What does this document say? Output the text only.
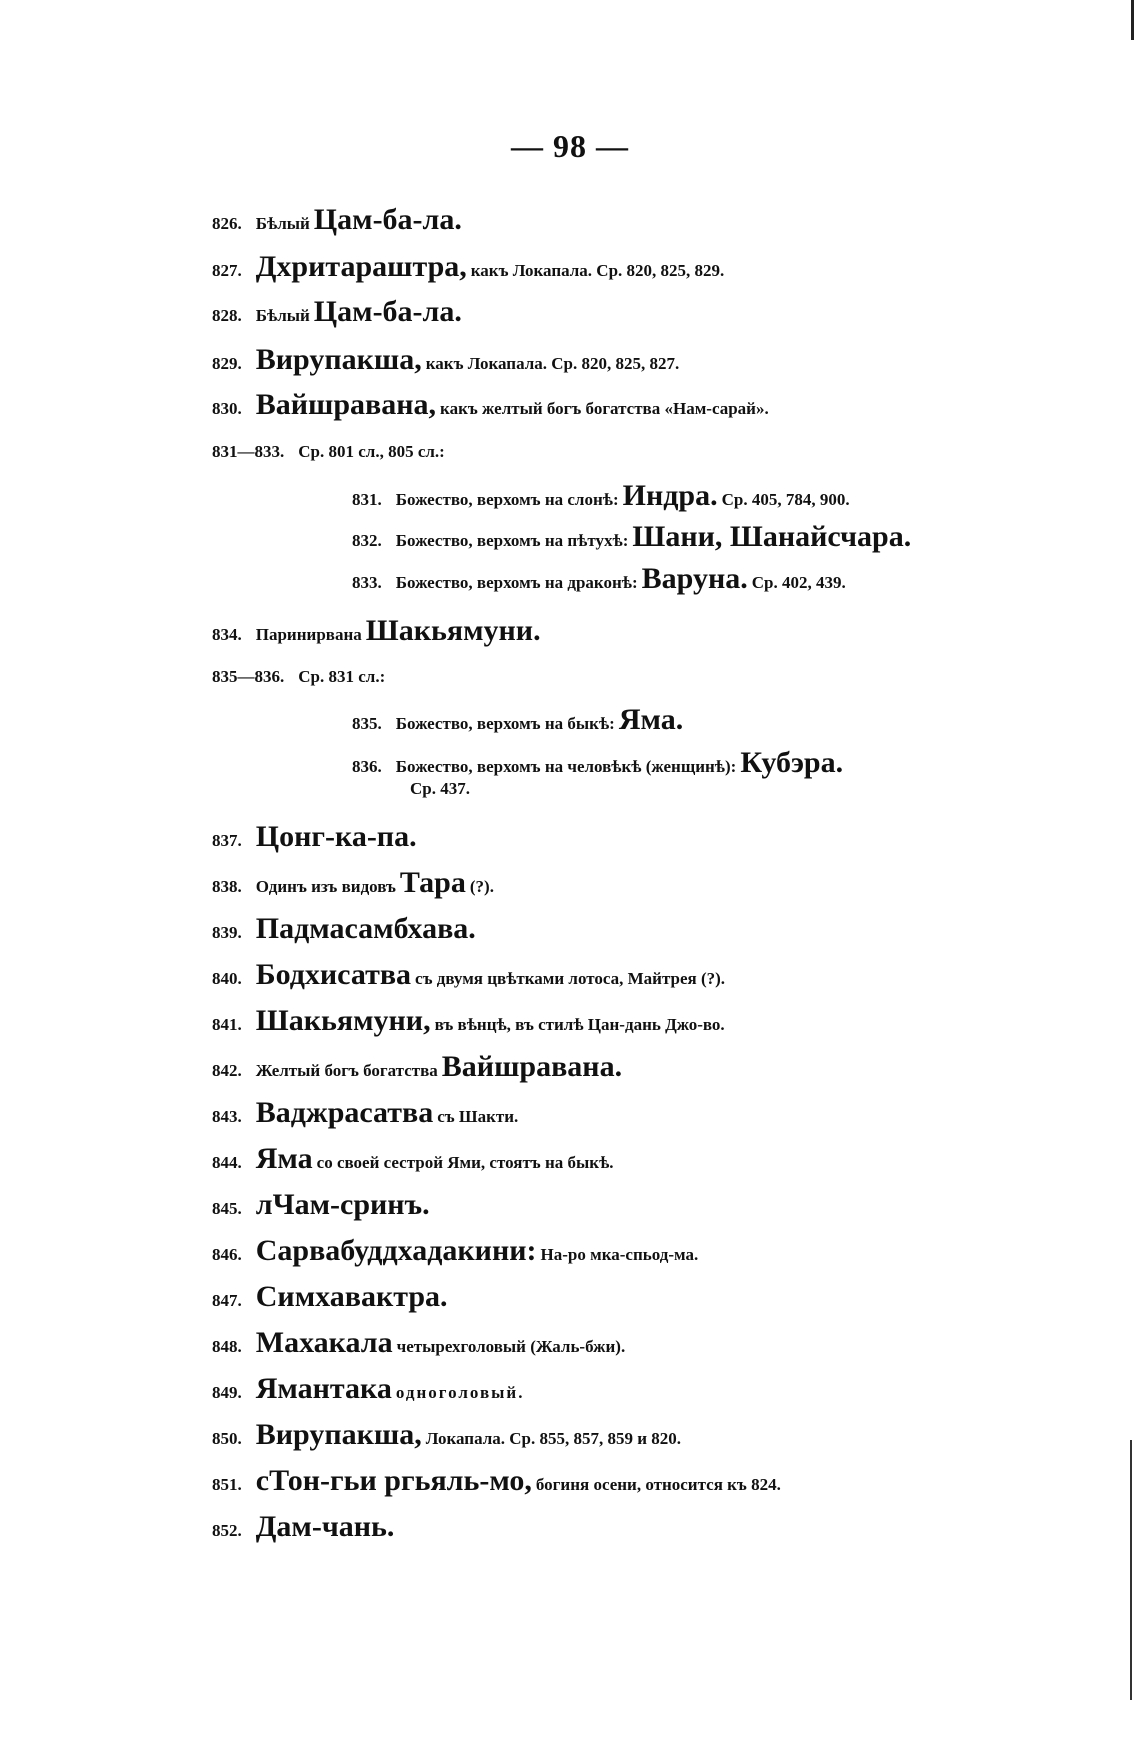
— 98 —
826. Бѣлый Цам-ба-ла.
827. Дхритараштра, какъ Локапала. Ср. 820, 825, 829.
828. Бѣлый Цам-ба-ла.
829. Вирупакша, какъ Локапала. Ср. 820, 825, 827.
830. Вайшравана, какъ желтый богъ богатства «Нам-сарай».
831—833. Ср. 801 сл., 805 сл.:
831. Божество, верхомъ на слонѣ: Индра. Ср. 405, 784, 900.
832. Божество, верхомъ на пѣтухѣ: Шани, Шанайсчара.
833. Божество, верхомъ на драконѣ: Варуна. Ср. 402, 439.
834. Паринирвана Шакьямуни.
835—836. Ср. 831 сл.:
835. Божество, верхомъ на быкѣ: Яма.
836. Божество, верхомъ на человѣкѣ (женщинѣ): Кубэра.
Ср. 437.
837. Цонг-ка-па.
838. Одинъ изъ видовъ Тара (?).
839. Падмасамбхава.
840. Бодхисатва съ двумя цвѣтками лотоса, Майтрея (?).
841. Шакьямуни, въ вѣнцѣ, въ стилѣ Цан-дань Джо-во.
842. Желтый богъ богатства Вайшравана.
843. Ваджрасатва съ Шакти.
844. Яма со своей сестрой Ями, стоятъ на быкѣ.
845. лЧам-сринъ.
846. Сарвабуддхадакини: На-ро мка-спьод-ма.
847. Симхавактра.
848. Махакала четырехголовый (Жаль-бжи).
849. Ямантака одноголовый.
850. Вирупакша, Локапала. Ср. 855, 857, 859 и 820.
851. сТон-гьи ргьяль-мо, богиня осени, относится къ 824.
852. Дам-чань.
